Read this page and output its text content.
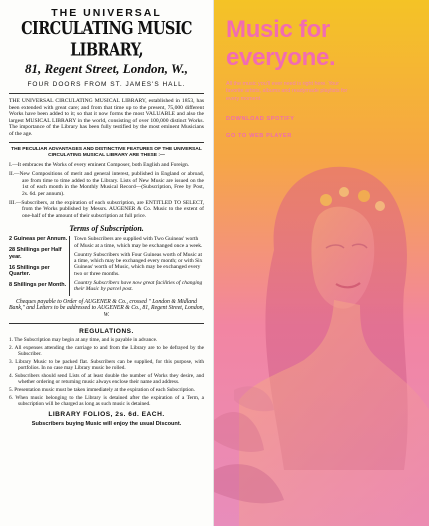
THE UNIVERSAL
CIRCULATING MUSIC LIBRARY,
81, Regent Street, London, W.,
FOUR DOORS FROM ST. JAMES'S HALL.
THE UNIVERSAL CIRCULATING MUSICAL LIBRARY, established in 1853, has been extended with great care; and from that time up to the present, 75,000 different Works have been added to it; so that it now forms the most VALUABLE and also the largest MUSICAL LIBRARY in the world, consisting of over 100,000 distinct Works. The importance of the Library has been fully testified by the most eminent Musicians of the age.
THE PECULIAR ADVANTAGES AND DISTINCTIVE FEATURES OF THE UNIVERSAL CIRCULATING MUSICAL LIBRARY ARE THESE :—
I.—It embraces the Works of every eminent Composer, both English and Foreign.
II.—New Compositions of merit and general interest, published in England or abroad, are from time to time added to the Library. Lists of New Music are issued on the 1st of each month in the Monthly Musical Record—(Subscription, Free by Post, 2s. 6d. per annum).
III.—Subscribers, at the expiration of each subscription, are ENTITLED TO SELECT, from the Works published by Messrs. AUGENER & Co. Music to the extent of one-half of the amount of their subscription at full price.
Terms of Subscription.
2 Guineas per Annum.
28 Shillings per Half year.
16 Shillings per Quarter.
8 Shillings per Month.
Town Subscribers are supplied with Two Guineas' worth of Music at a time, which may be exchanged once a week.
Country Subscribers with Four Guineas worth of Music at a time, which may be exchanged every month; or with Six Guineas' worth of Music, which may be exchanged every two or three months.
Country Subscribers have now great facilities of changing their Music by parcel post.
Cheques payable to Order of AUGENER & Co., crossed " London & Midland Bank," and Letters to be addressed to AUGENER & Co., 81, Regent Street, London, W.
REGULATIONS.
1. The Subscription may begin at any time, and is payable in advance.
2. All expenses attending the carriage to and from the Library are to be defrayed by the Subscriber.
3. Library Music to be packed flat. Subscribers can be supplied, for this purpose, with portfolios. In no case may Library music be rolled.
4. Subscribers should send Lists of at least double the number of Works they desire, and whether ordering or returning music always enclose their name and address.
5. Presentation music must be taken immediately at the expiration of each Subscription.
6. When music belonging to the Library is detained after the expiration of a Term, a subscription will be charged as long as such music is detained.
LIBRARY FOLIOS, 2s. 6d. EACH.
Subscribers buying Music will enjoy the usual Discount.
Music for everyone.
All the music you'll ever need is right here. Your favorite artists, albums and readymade playlists for every moment.
DOWNLOAD SPOTIFY
GO TO WEB PLAYER
